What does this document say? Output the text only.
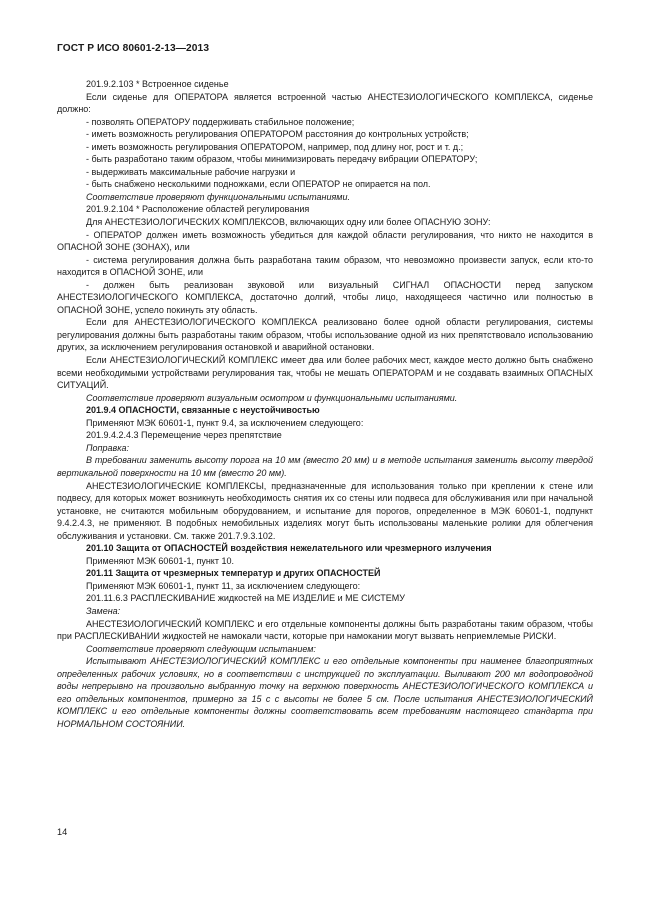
ГОСТ Р ИСО 80601-2-13—2013

201.9.2.103 * Встроенное сиденье

Если сиденье для ОПЕРАТОРА является встроенной частью АНЕСТЕЗИОЛОГИЧЕСКОГО КОМПЛЕКСА, сиденье должно:

- позволять ОПЕРАТОРУ поддерживать стабильное положение;

- иметь возможность регулирования ОПЕРАТОРОМ расстояния до контрольных устройств;

- иметь возможность регулирования ОПЕРАТОРОМ, например, под длину ног, рост и т. д.;

- быть разработано таким образом, чтобы минимизировать передачу вибрации ОПЕРАТОРУ;

- выдерживать максимальные рабочие нагрузки и

- быть снабжено несколькими подножками, если ОПЕРАТОР не опирается на пол.

Соответствие проверяют функциональными испытаниями.

201.9.2.104 * Расположение областей регулирования

Для АНЕСТЕЗИОЛОГИЧЕСКИХ КОМПЛЕКСОВ, включающих одну или более ОПАСНУЮ ЗОНУ:

- ОПЕРАТОР должен иметь возможность убедиться для каждой области регулирования, что никто не находится в ОПАСНОЙ ЗОНЕ (ЗОНАХ), или

- система регулирования должна быть разработана таким образом, что невозможно произвести запуск, если кто-то находится в ОПАСНОЙ ЗОНЕ, или

- должен быть реализован звуковой или визуальный СИГНАЛ ОПАСНОСТИ перед запуском АНЕСТЕЗИОЛОГИЧЕСКОГО КОМПЛЕКСА, достаточно долгий, чтобы лицо, находящееся частично или полностью в ОПАСНОЙ ЗОНЕ, успело покинуть эту область.

Если для АНЕСТЕЗИОЛОГИЧЕСКОГО КОМПЛЕКСА реализовано более одной области регулирования, системы регулирования должны быть разработаны таким образом, чтобы использование одной из них препятствовало использованию других, за исключением регулирования остановкой и аварийной остановки.

Если АНЕСТЕЗИОЛОГИЧЕСКИЙ КОМПЛЕКС имеет два или более рабочих мест, каждое место должно быть снабжено всеми необходимыми устройствами регулирования так, чтобы не мешать ОПЕРАТОРАМ и не создавать взаимных ОПАСНЫХ СИТУАЦИЙ.

Соответствие проверяют визуальным осмотром и функциональными испытаниями.

201.9.4 ОПАСНОСТИ, связанные с неустойчивостью

Применяют МЭК 60601-1, пункт 9.4, за исключением следующего:

201.9.4.2.4.3 Перемещение через препятствие

Поправка:

В требовании заменить высоту порога на 10 мм (вместо 20 мм) и в методе испытания заменить высоту твердой вертикальной поверхности на 10 мм (вместо 20 мм).

АНЕСТЕЗИОЛОГИЧЕСКИЕ КОМПЛЕКСЫ, предназначенные для использования только при креплении к стене или подвесу, для которых может возникнуть необходимость снятия их со стены или подвеса для обслуживания или при начальной установке, не считаются мобильным оборудованием, и испытание для порогов, определенное в МЭК 60601-1, подпункт 9.4.2.4.3, не применяют. В подобных немобильных изделиях могут быть использованы маленькие ролики для облегчения обслуживания и установки. См. также 201.7.9.3.102.

201.10 Защита от ОПАСНОСТЕЙ воздействия нежелательного или чрезмерного излучения

Применяют МЭК 60601-1, пункт 10.

201.11 Защита от чрезмерных температур и других ОПАСНОСТЕЙ

Применяют МЭК 60601-1, пункт 11, за исключением следующего:

201.11.6.3 РАСПЛЕСКИВАНИЕ жидкостей на МЕ ИЗДЕЛИЕ и МЕ СИСТЕМУ

Замена:

АНЕСТЕЗИОЛОГИЧЕСКИЙ КОМПЛЕКС и его отдельные компоненты должны быть разработаны таким образом, чтобы при РАСПЛЕСКИВАНИИ жидкостей не намокали части, которые при намокании могут вызвать неприемлемые РИСКИ.

Соответствие проверяют следующим испытанием:

Испытывают АНЕСТЕЗИОЛОГИЧЕСКИЙ КОМПЛЕКС и его отдельные компоненты при наименее благоприятных определенных рабочих условиях, но в соответствии с инструкцией по эксплуатации. Выливают 200 мл водопроводной воды непрерывно на произвольно выбранную точку на верхнюю поверхность АНЕСТЕЗИОЛОГИЧЕСКОГО КОМПЛЕКСА и его отдельных компонентов, примерно за 15 с с высоты не более 5 см. После испытания АНЕСТЕЗИОЛОГИЧЕСКИЙ КОМПЛЕКС и его отдельные компоненты должны соответствовать всем требованиям настоящего стандарта при НОРМАЛЬНОМ СОСТОЯНИИ.

14
